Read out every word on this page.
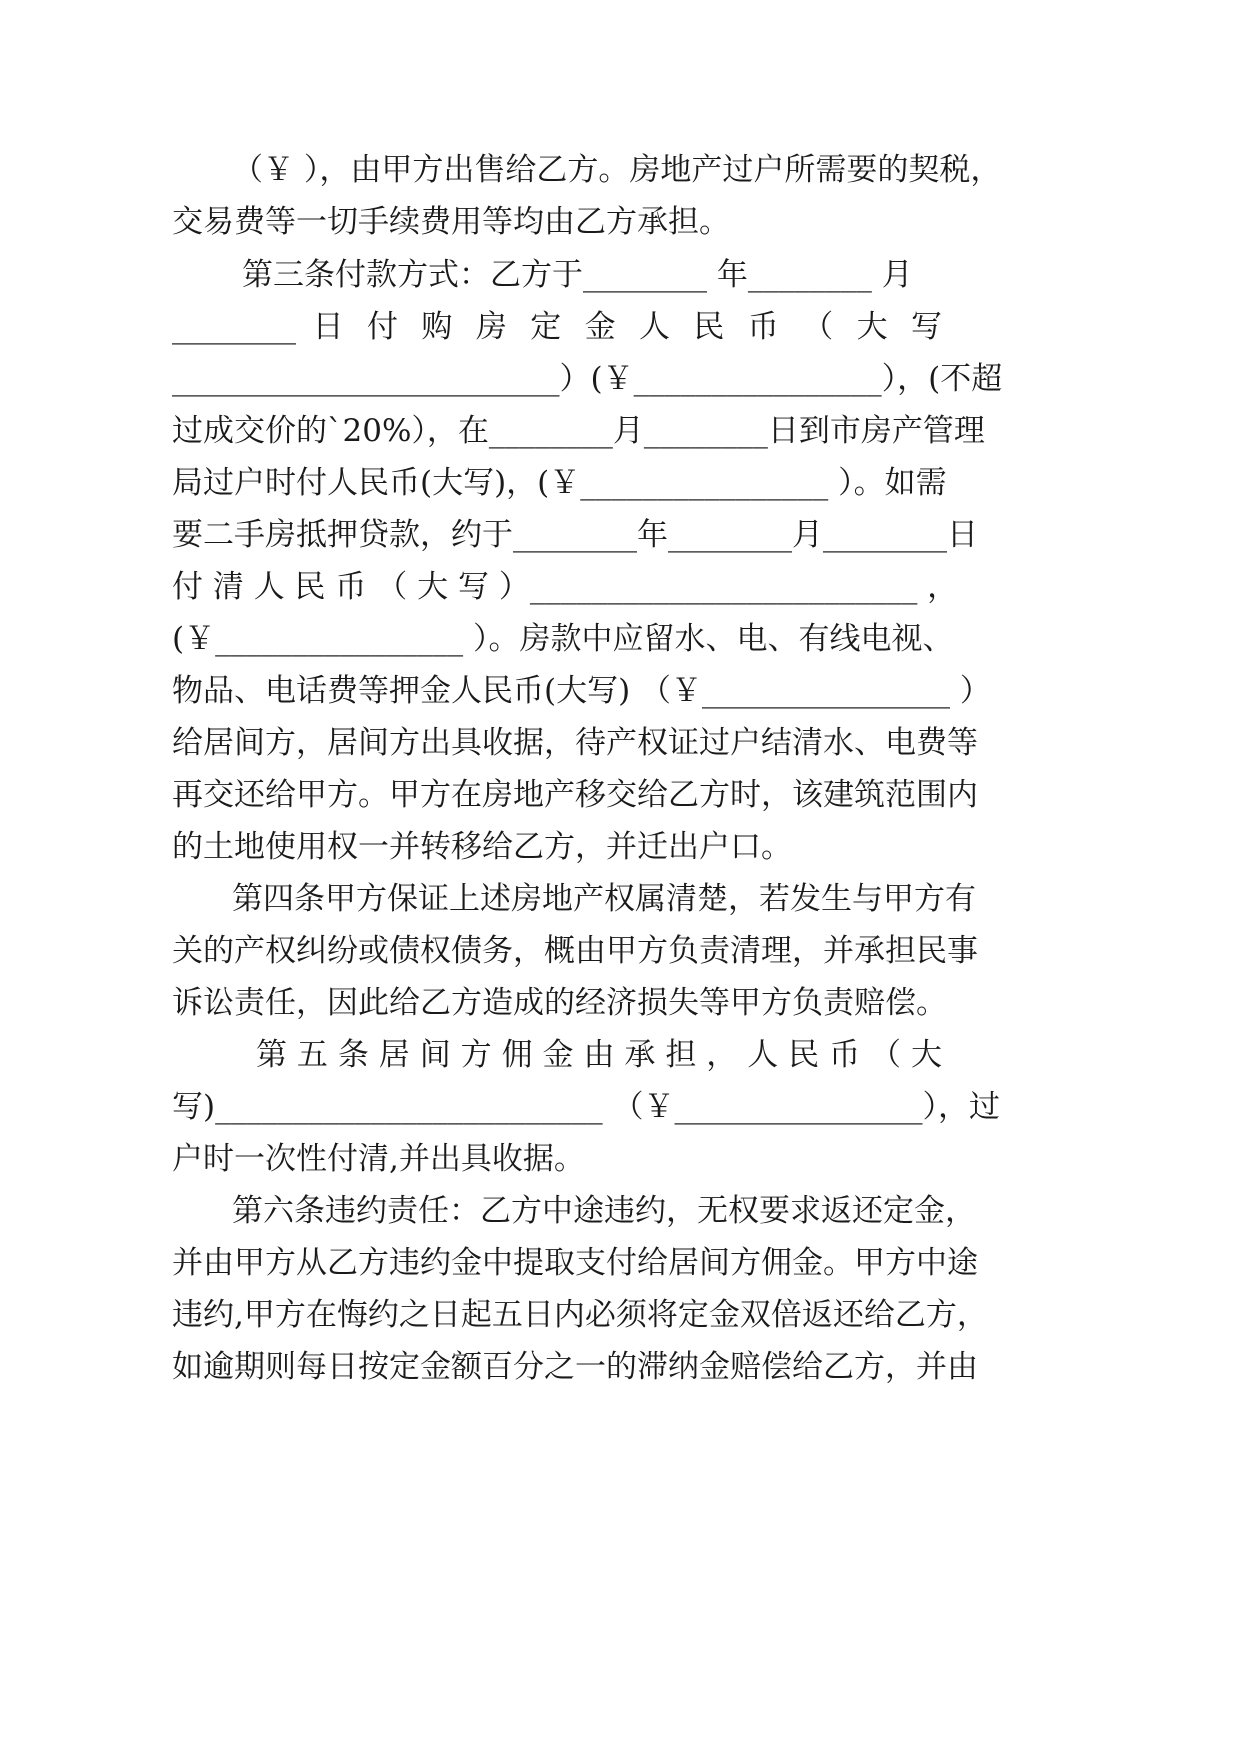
（￥ ），由甲方出售给乙方。房地产过户所需要的契税，
交易费等一切手续费用等均由乙方承担。
第三条付款方式：乙方于________ 年________ 月
________ 日 付 购 房 定 金 人 民 币 （ 大 写
_________________________）(￥________________），(不超
过成交价的`20%），在________月________日到市房产管理
局过户时付人民币(大写)，(￥________________ ）。如需
要二手房抵押贷款，约于________年________月________日
付 清 人 民 币 （ 大 写 ）_________________________ ，
(￥________________ ）。房款中应留水、电、有线电视、
物品、电话费等押金人民币(大写) （￥________________ ）
给居间方，居间方出具收据，待产权证过户结清水、电费等
再交还给甲方。甲方在房地产移交给乙方时，该建筑范围内
的土地使用权一并转移给乙方，并迁出户口。
第四条甲方保证上述房地产权属清楚，若发生与甲方有
关的产权纠纷或债权债务，概由甲方负责清理，并承担民事
诉讼责任，因此给乙方造成的经济损失等甲方负责赔偿。
第 五 条 居 间 方 佣 金 由 承 担 ， 人 民 币 （ 大
写)_________________________ （￥________________），过
户时一次性付清,并出具收据。
第六条违约责任：乙方中途违约，无权要求返还定金，
并由甲方从乙方违约金中提取支付给居间方佣金。甲方中途
违约,甲方在悔约之日起五日内必须将定金双倍返还给乙方，
如逾期则每日按定金额百分之一的滞纳金赔偿给乙方，并由
